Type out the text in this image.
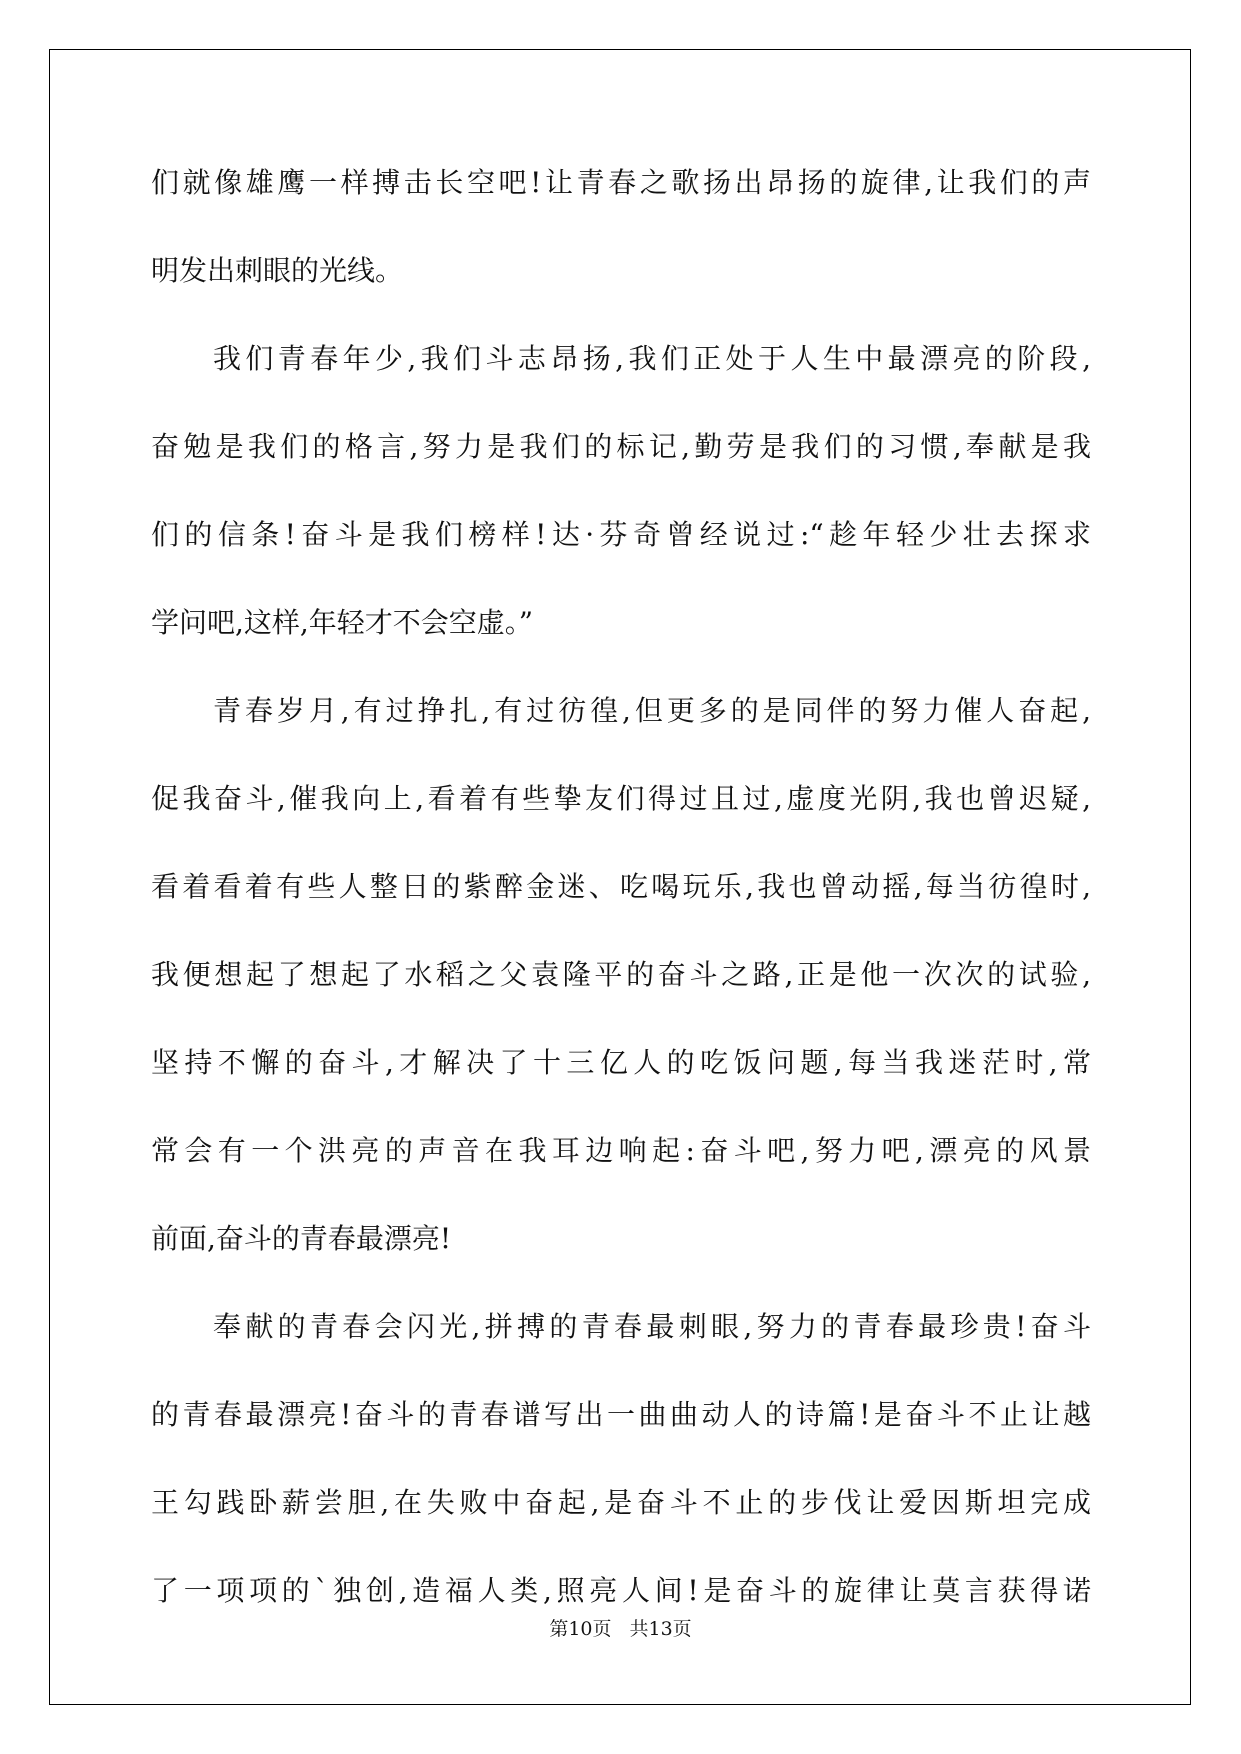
们就像雄鹰一样搏击长空吧!让青春之歌扬出昂扬的旋律,让我们的声
明发出刺眼的光线。
我们青春年少,我们斗志昂扬,我们正处于人生中最漂亮的阶段,
奋勉是我们的格言,努力是我们的标记,勤劳是我们的习惯,奉献是我
们的信条!奋斗是我们榜样!达·芬奇曾经说过:“趁年轻少壮去探求
学问吧,这样,年轻才不会空虚。”
青春岁月,有过挣扎,有过彷徨,但更多的是同伴的努力催人奋起,
促我奋斗,催我向上,看着有些挚友们得过且过,虚度光阴,我也曾迟疑,
看着看着有些人整日的紫醉金迷、吃喝玩乐,我也曾动摇,每当彷徨时,
我便想起了想起了水稻之父袁隆平的奋斗之路,正是他一次次的试验,
坚持不懈的奋斗,才解决了十三亿人的吃饭问题,每当我迷茫时,常
常会有一个洪亮的声音在我耳边响起:奋斗吧,努力吧,漂亮的风景
前面,奋斗的青春最漂亮!
奉献的青春会闪光,拼搏的青春最刺眼,努力的青春最珍贵!奋斗
的青春最漂亮!奋斗的青春谱写出一曲曲动人的诗篇!是奋斗不止让越
王勾践卧薪尝胆,在失败中奋起,是奋斗不止的步伐让爱因斯坦完成
了一项项的`独创,造福人类,照亮人间!是奋斗的旋律让莫言获得诺
第10页 共13页
